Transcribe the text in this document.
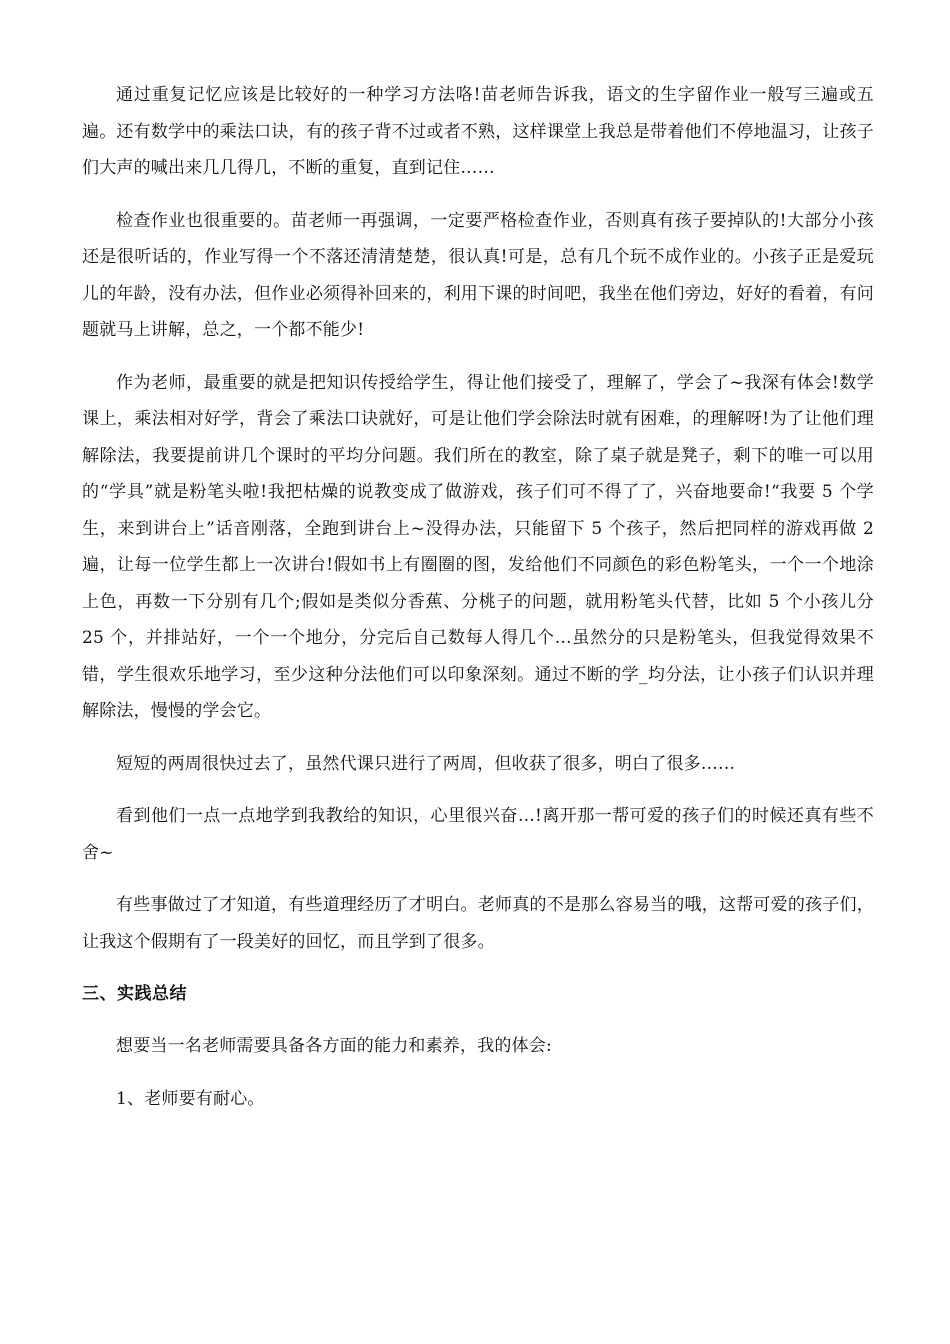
通过重复记忆应该是比较好的一种学习方法咯!苗老师告诉我，语文的生字留作业一般写三遍或五遍。还有数学中的乘法口诀，有的孩子背不过或者不熟，这样课堂上我总是带着他们不停地温习，让孩子们大声的喊出来几几得几，不断的重复，直到记住……

检查作业也很重要的。苗老师一再强调，一定要严格检查作业，否则真有孩子要掉队的!大部分小孩还是很听话的，作业写得一个不落还清清楚楚，很认真!可是，总有几个玩不成作业的。小孩子正是爱玩儿的年龄，没有办法，但作业必须得补回来的，利用下课的时间吧，我坐在他们旁边，好好的看着，有问题就马上讲解，总之，一个都不能少!

作为老师，最重要的就是把知识传授给学生，得让他们接受了，理解了，学会了~我深有体会!数学课上，乘法相对好学，背会了乘法口诀就好，可是让他们学会除法时就有困难，的理解呀!为了让他们理解除法，我要提前讲几个课时的平均分问题。我们所在的教室，除了桌子就是凳子，剩下的唯一可以用的“学具”就是粉笔头啦!我把枯燥的说教变成了做游戏，孩子们可不得了了，兴奋地要命!“我要 5 个学生，来到讲台上”话音刚落，全跑到讲台上~没得办法，只能留下 5 个孩子，然后把同样的游戏再做 2 遍，让每一位学生都上一次讲台!假如书上有圈圈的图，发给他们不同颜色的彩色粉笔头，一个一个地涂上色，再数一下分别有几个;假如是类似分香蕉、分桃子的问题，就用粉笔头代替，比如 5 个小孩儿分 25 个，并排站好，一个一个地分，分完后自己数每人得几个…虽然分的只是粉笔头，但我觉得效果不错，学生很欢乐地学习，至少这种分法他们可以印象深刻。通过不断的学_均分法，让小孩子们认识并理解除法，慢慢的学会它。

短短的两周很快过去了，虽然代课只进行了两周，但收获了很多，明白了很多……

看到他们一点一点地学到我教给的知识，心里很兴奋…!离开那一帮可爱的孩子们的时候还真有些不舍~

有些事做过了才知道，有些道理经历了才明白。老师真的不是那么容易当的哦，这帮可爱的孩子们，让我这个假期有了一段美好的回忆，而且学到了很多。

三、实践总结

想要当一名老师需要具备各方面的能力和素养，我的体会:

1、老师要有耐心。
